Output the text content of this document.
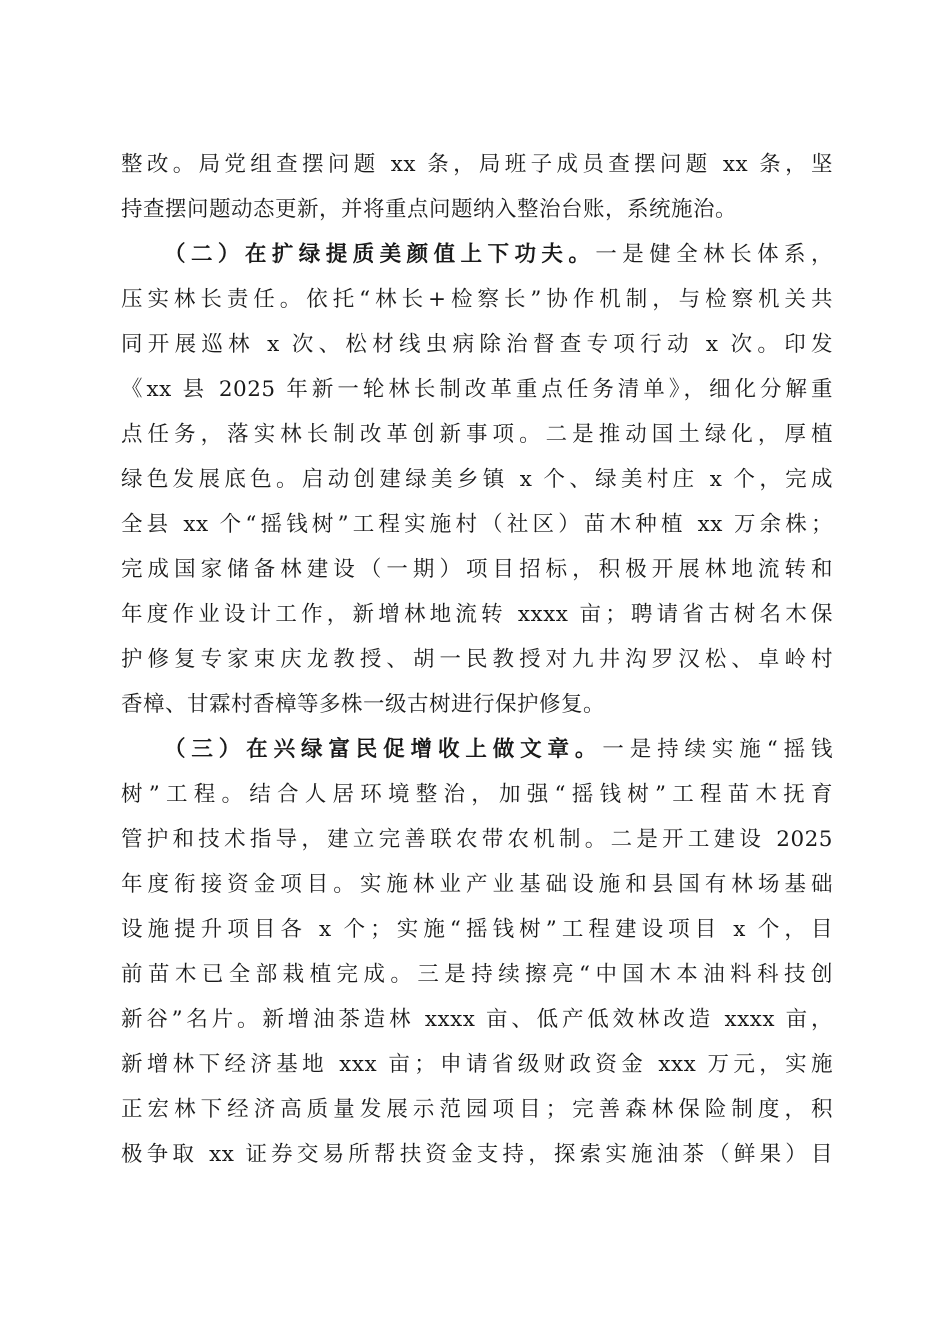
整改。局党组查摆问题 xx 条，局班子成员查摆问题 xx 条，坚
持查摆问题动态更新，并将重点问题纳入整治台账，系统施治。
（二）在扩绿提质美颜值上下功夫。一是健全林长体系，
压实林长责任。依托“林长+检察长”协作机制，与检察机关共
同开展巡林 x 次、松材线虫病除治督查专项行动 x 次。印发
《xx 县 2025 年新一轮林长制改革重点任务清单》，细化分解重
点任务，落实林长制改革创新事项。二是推动国土绿化，厚植
绿色发展底色。启动创建绿美乡镇 x 个、绿美村庄 x 个，完成
全县 xx 个“摇钱树”工程实施村（社区）苗木种植 xx 万余株；
完成国家储备林建设（一期）项目招标，积极开展林地流转和
年度作业设计工作，新增林地流转 xxxx 亩；聘请省古树名木保
护修复专家束庆龙教授、胡一民教授对九井沟罗汉松、卓岭村
香樟、甘霖村香樟等多株一级古树进行保护修复。
（三）在兴绿富民促增收上做文章。一是持续实施“摇钱
树”工程。结合人居环境整治，加强“摇钱树”工程苗木抚育
管护和技术指导，建立完善联农带农机制。二是开工建设 2025
年度衔接资金项目。实施林业产业基础设施和县国有林场基础
设施提升项目各 x 个；实施“摇钱树”工程建设项目 x 个，目
前苗木已全部栽植完成。三是持续擦亮“中国木本油料科技创
新谷”名片。新增油茶造林 xxxx 亩、低产低效林改造 xxxx 亩，
新增林下经济基地 xxx 亩；申请省级财政资金 xxx 万元，实施
正宏林下经济高质量发展示范园项目；完善森林保险制度，积
极争取 xx 证券交易所帮扶资金支持，探索实施油茶（鲜果）目
